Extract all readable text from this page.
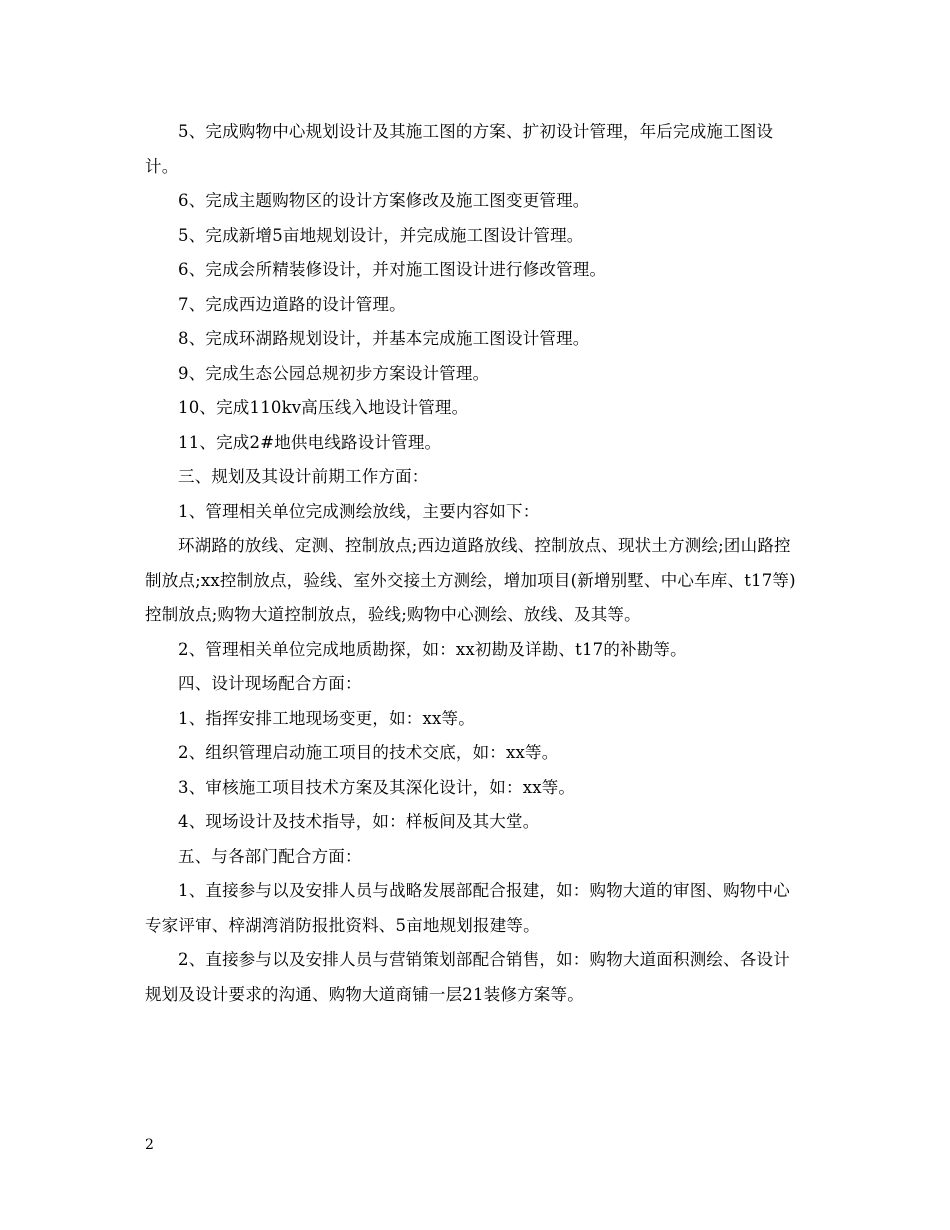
5、完成购物中心规划设计及其施工图的方案、扩初设计管理，年后完成施工图设计。

6、完成主题购物区的设计方案修改及施工图变更管理。

5、完成新增5亩地规划设计，并完成施工图设计管理。

6、完成会所精装修设计，并对施工图设计进行修改管理。

7、完成西边道路的设计管理。

8、完成环湖路规划设计，并基本完成施工图设计管理。

9、完成生态公园总规初步方案设计管理。

10、完成110kv高压线入地设计管理。

11、完成2#地供电线路设计管理。

三、规划及其设计前期工作方面：

1、管理相关单位完成测绘放线，主要内容如下：

环湖路的放线、定测、控制放点;西边道路放线、控制放点、现状土方测绘;团山路控制放点;xx控制放点，验线、室外交接土方测绘，增加项目(新增别墅、中心车库、t17等)控制放点;购物大道控制放点，验线;购物中心测绘、放线、及其等。

2、管理相关单位完成地质勘探，如：xx初勘及详勘、t17的补勘等。

四、设计现场配合方面：

1、指挥安排工地现场变更，如：xx等。

2、组织管理启动施工项目的技术交底，如：xx等。

3、审核施工项目技术方案及其深化设计，如：xx等。

4、现场设计及技术指导，如：样板间及其大堂。

五、与各部门配合方面：

1、直接参与以及安排人员与战略发展部配合报建，如：购物大道的审图、购物中心专家评审、梓湖湾消防报批资料、5亩地规划报建等。

2、直接参与以及安排人员与营销策划部配合销售，如：购物大道面积测绘、各设计规划及设计要求的沟通、购物大道商铺一层21装修方案等。

2
